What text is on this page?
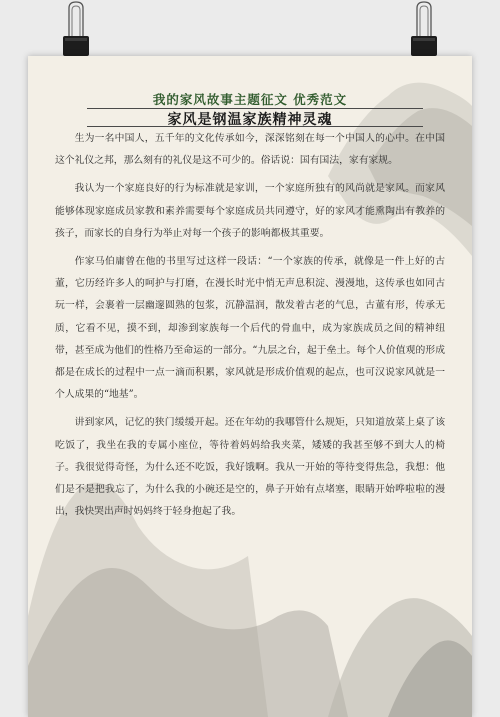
我的家风故事主题征文 优秀范文
家风是钢温家族精神灵魂

生为一名中国人，五千年的文化传承如今，深深铭刻在每一个中国人的心中。在中国这个礼仪之邦，那么刻有的礼仪是这不可少的。俗话说：国有国法，家有家规。

我认为一个家庭良好的行为标准就是家训，一个家庭所独有的风尚就是家风。而家风能够体现家庭成员家教和素养需要每个家庭成员共同遵守，好的家风才能熏陶出有教养的孩子，而家长的自身行为举止对每一个孩子的影响都极其重要。

作家马伯庸曾在他的书里写过这样一段话：“一个家族的传承，就像是一件上好的古董，它历经许多人的呵护与打磨，在漫长时光中悄无声息积淀、漫漫地，这传承也如同古玩一样，会裹着一层幽邃圆熟的包浆，沉静温润，散发着古老的气息，古董有形，传承无质，它看不见，摸不到，却渗到家族每一个后代的骨血中，成为家族成员之间的精神纽带，甚至成为他们的性格乃至命运的一部分。“九层之台，起于垒土。每个人价值观的形成都是在成长的过程中一点一滴而积累，家风就是形成价值观的起点，也可汉说家风就是一个人成果的“地基”。

讲到家风，记忆的狭门缓缓开起。还在年幼的我哪管什么规矩，只知道放菜上桌了该吃饭了，我坐在我的专属小座位，等待着妈妈给我夹菜，矮矮的我甚至够不到大人的椅子。我很觉得奇怪，为什么还不吃饭，我好饿啊。我从一开始的等待变得焦急，我想：他们是不是把我忘了，为什么我的小碗还是空的，鼻子开始有点堵塞，眼睛开始哗啦啦的漫出，我快哭出声时妈妈终于轻身抱起了我。
